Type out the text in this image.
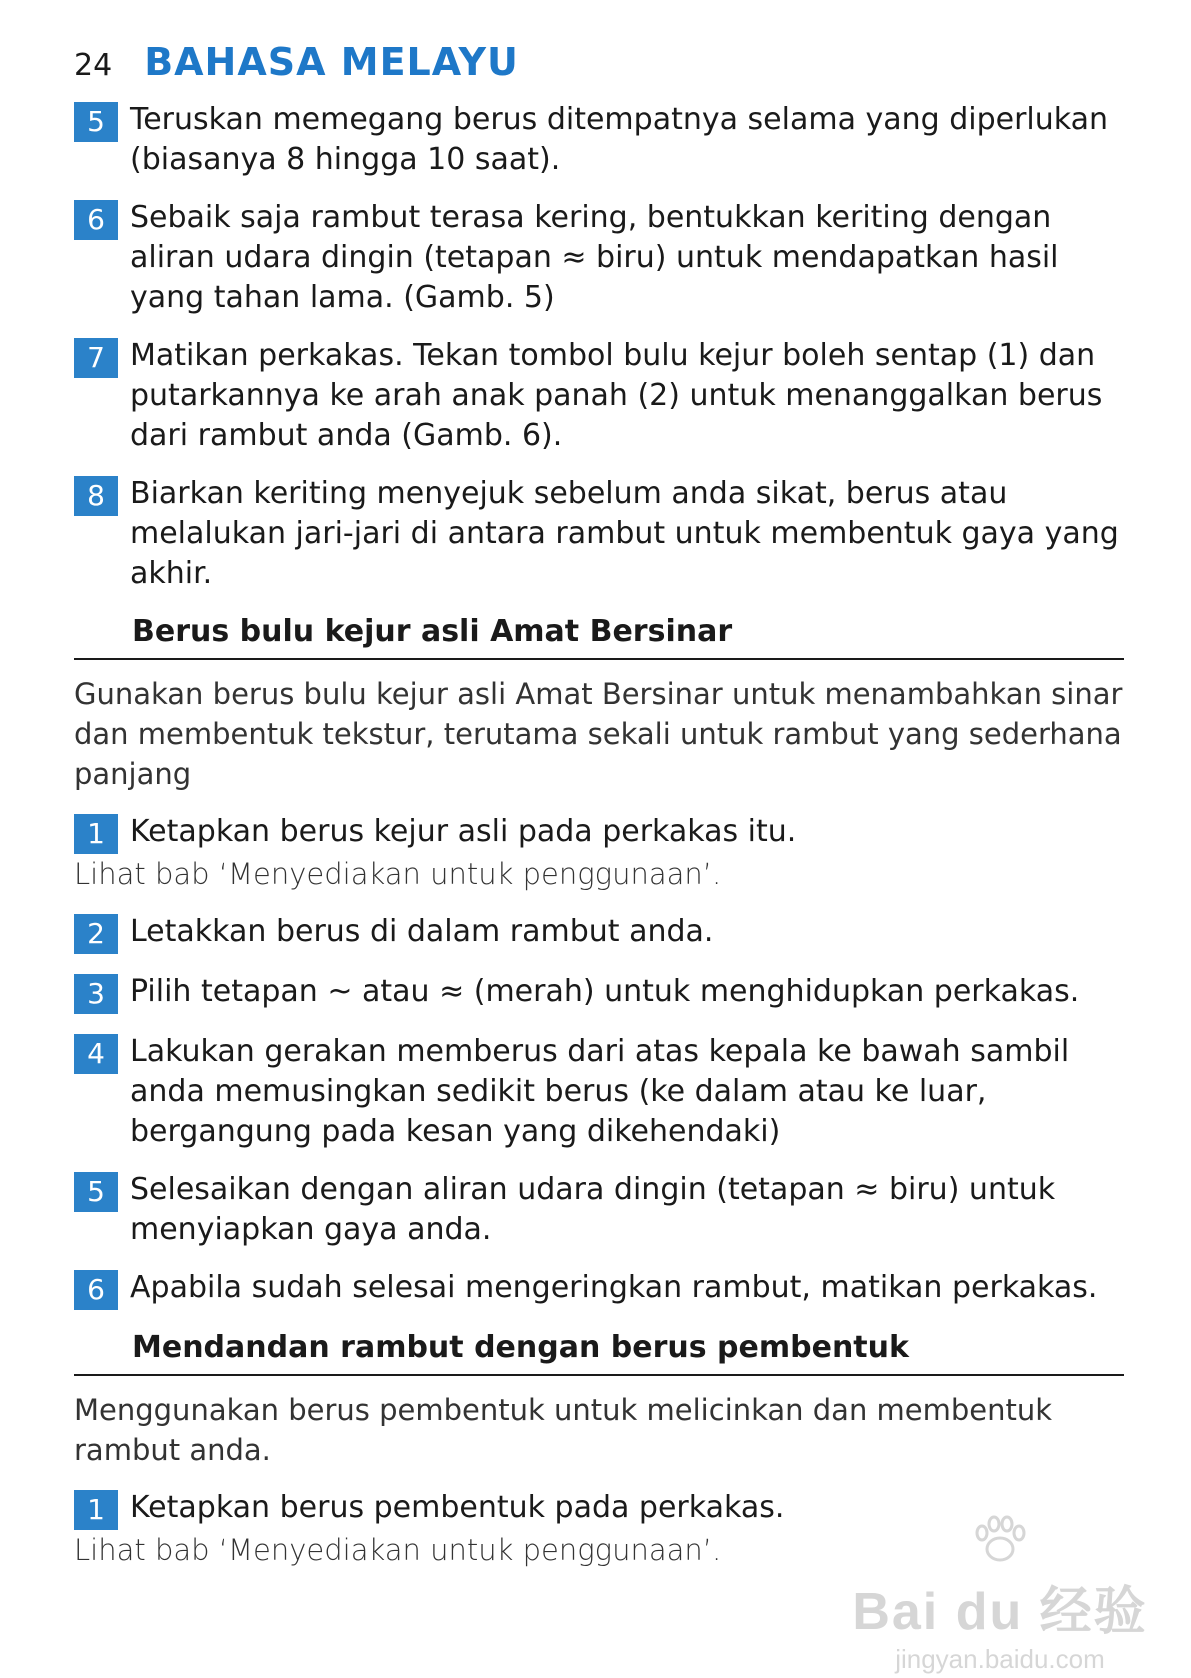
24 BAHASA MELAYU
5 Teruskan memegang berus ditempatnya selama yang diperlukan (biasanya 8 hingga 10 saat).
6 Sebaik saja rambut terasa kering, bentukkan keriting dengan aliran udara dingin (tetapan ≈ biru) untuk mendapatkan hasil yang tahan lama. (Gamb. 5)
7 Matikan perkakas. Tekan tombol bulu kejur boleh sentap (1) dan putarkannya ke arah anak panah (2) untuk menanggalkan berus dari rambut anda (Gamb. 6).
8 Biarkan keriting menyejuk sebelum anda sikat, berus atau melalukan jari-jari di antara rambut untuk membentuk gaya yang akhir.
Berus bulu kejur asli Amat Bersinar
Gunakan berus bulu kejur asli Amat Bersinar untuk menambahkan sinar dan membentuk tekstur, terutama sekali untuk rambut yang sederhana panjang
1 Ketapkan berus kejur asli pada perkakas itu.
Lihat bab ‘Menyediakan untuk penggunaan’.
2 Letakkan berus di dalam rambut anda.
3 Pilih tetapan ~ atau ≈ (merah) untuk menghidupkan perkakas.
4 Lakukan gerakan memberus dari atas kepala ke bawah sambil anda memusingkan sedikit berus (ke dalam atau ke luar, bergangung pada kesan yang dikehendaki)
5 Selesaikan dengan aliran udara dingin (tetapan ≈ biru) untuk menyiapkan gaya anda.
6 Apabila sudah selesai mengeringkan rambut, matikan perkakas.
Mendandan rambut dengan berus pembentuk
Menggunakan berus pembentuk untuk melicinkan dan membentuk rambut anda.
1 Ketapkan berus pembentuk pada perkakas.
Lihat bab ‘Menyediakan untuk penggunaan’.
Bai du 经验
jingyan.baidu.com
